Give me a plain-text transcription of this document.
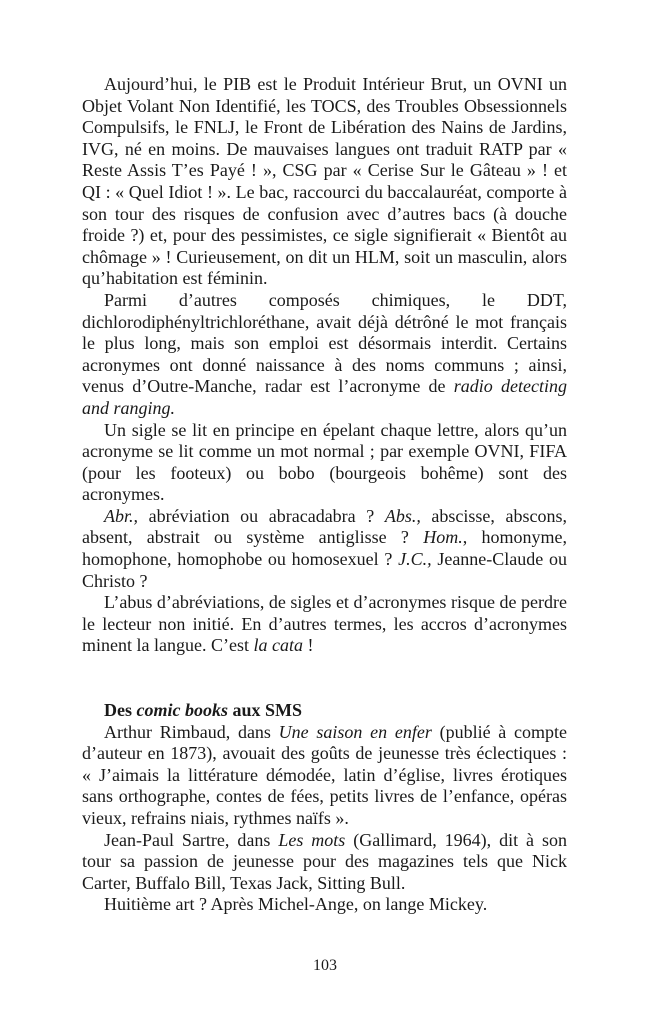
Aujourd’hui, le PIB est le Produit Intérieur Brut, un OVNI un Objet Volant Non Identifié, les TOCS, des Troubles Obsessionnels Compulsifs, le FNLJ, le Front de Libération des Nains de Jardins, IVG, né en moins. De mauvaises langues ont traduit RATP par « Reste Assis T’es Payé ! », CSG par « Cerise Sur le Gâteau » ! et QI : « Quel Idiot ! ». Le bac, raccourci du baccalauréat, comporte à son tour des risques de confusion avec d’autres bacs (à douche froide ?) et, pour des pessimistes, ce sigle signifierait « Bientôt au chômage » ! Curieusement, on dit un HLM, soit un masculin, alors qu’habitation est féminin.

Parmi d’autres composés chimiques, le DDT, dichlorodiphényltrichloréthane, avait déjà détrôné le mot français le plus long, mais son emploi est désormais interdit. Certains acronymes ont donné naissance à des noms communs ; ainsi, venus d’Outre-Manche, radar est l’acronyme de radio detecting and ranging.

Un sigle se lit en principe en épelant chaque lettre, alors qu’un acronyme se lit comme un mot normal ; par exemple OVNI, FIFA (pour les footeux) ou bobo (bourgeois bohême) sont des acronymes.

Abr., abréviation ou abracadabra ? Abs., abscisse, abscons, absent, abstrait ou système antiglisse ? Hom., homonyme, homophone, homophobe ou homosexuel ? J.C., Jeanne-Claude ou Christo ?

L’abus d’abréviations, de sigles et d’acronymes risque de perdre le lecteur non initié. En d’autres termes, les accros d’acronymes minent la langue. C’est la cata !

Des comic books aux SMS

Arthur Rimbaud, dans Une saison en enfer (publié à compte d’auteur en 1873), avouait des goûts de jeunesse très éclectiques : « J’aimais la littérature démodée, latin d’église, livres érotiques sans orthographe, contes de fées, petits livres de l’enfance, opéras vieux, refrains niais, rythmes naïfs ».

Jean-Paul Sartre, dans Les mots (Gallimard, 1964), dit à son tour sa passion de jeunesse pour des magazines tels que Nick Carter, Buffalo Bill, Texas Jack, Sitting Bull.

Huitième art ? Après Michel-Ange, on lange Mickey.

103
